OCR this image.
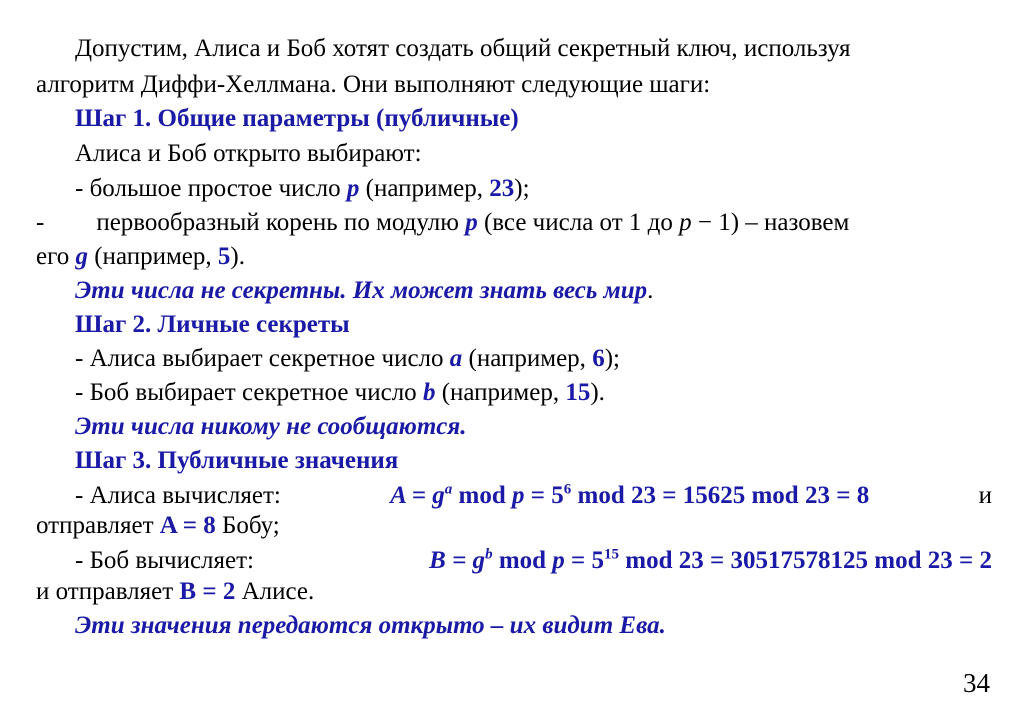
Допустим, Алиса и Боб хотят создать общий секретный ключ, используя
алгоритм Диффи-Хеллмана. Они выполняют следующие шаги:
Шаг 1. Общие параметры (публичные)
Алиса и Боб открыто выбирают:
- большое простое число p (например, 23);
- первообразный корень по модулю p (все числа от 1 до p − 1) – назовем
его g (например, 5).
Эти числа не секретны. Их может знать весь мир.
Шаг 2. Личные секреты
- Алиса выбирает секретное число a (например, 6);
- Боб выбирает секретное число b (например, 15).
Эти числа никому не сообщаются.
Шаг 3. Публичные значения
- Алиса вычисляет:	$A = g^a$ mod $p = 5^6$ mod 23 = 15625 mod 23 = 8	и
отправляет A = 8 Бобу;
- Боб вычисляет:	$B = g^b$ mod $p = 5^{15}$ mod 23 = 30517578125 mod 23 = 2
и отправляет B = 2 Алисе.
Эти значения передаются открыто – их видит Ева.
34
